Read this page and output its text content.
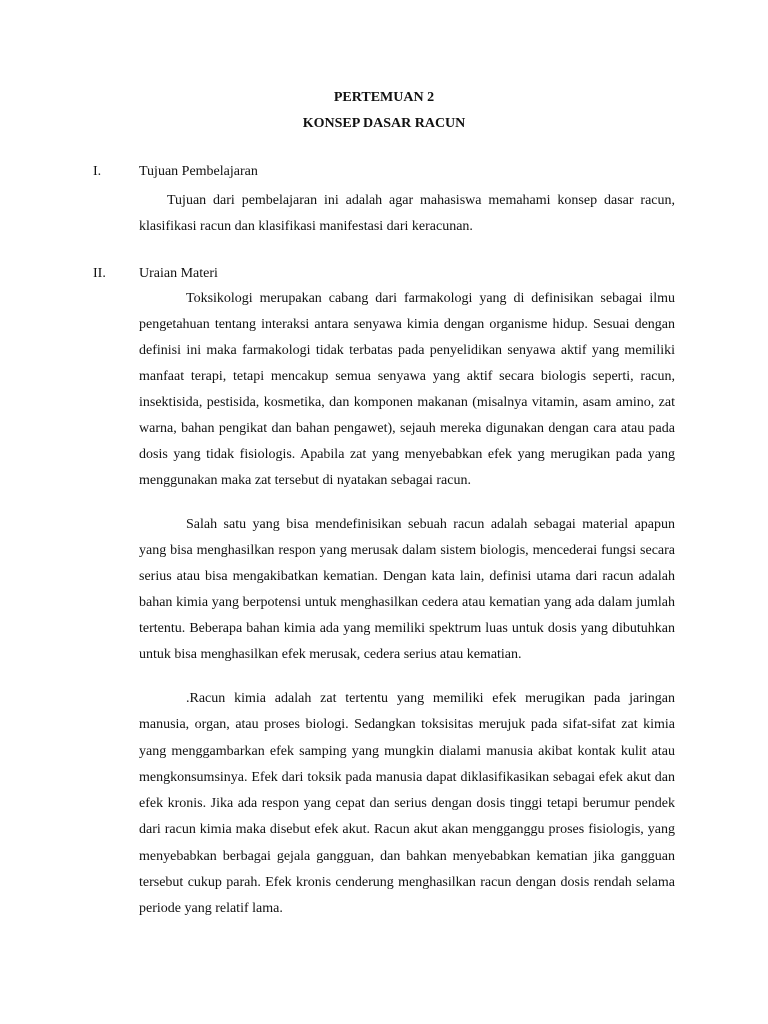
PERTEMUAN 2
KONSEP DASAR RACUN
I.	Tujuan Pembelajaran

Tujuan dari pembelajaran ini adalah agar mahasiswa memahami konsep dasar racun, klasifikasi racun dan klasifikasi manifestasi dari keracunan.

II. Uraian Materi

Toksikologi merupakan cabang dari farmakologi yang di definisikan sebagai ilmu pengetahuan tentang interaksi antara senyawa kimia dengan organisme hidup. Sesuai dengan definisi ini maka farmakologi tidak terbatas pada penyelidikan senyawa aktif yang memiliki manfaat terapi, tetapi mencakup semua senyawa yang aktif secara biologis seperti, racun, insektisida, pestisida, kosmetika, dan komponen makanan (misalnya vitamin, asam amino, zat warna, bahan pengikat dan bahan pengawet), sejauh mereka digunakan dengan cara atau pada dosis yang tidak fisiologis. Apabila zat yang menyebabkan efek yang merugikan pada yang menggunakan maka zat tersebut di nyatakan sebagai racun.

Salah satu yang bisa mendefinisikan sebuah racun adalah sebagai material apapun yang bisa menghasilkan respon yang merusak dalam sistem biologis, mencederai fungsi secara serius atau bisa mengakibatkan kematian. Dengan kata lain, definisi utama dari racun adalah bahan kimia yang berpotensi untuk menghasilkan cedera atau kematian yang ada dalam jumlah tertentu. Beberapa bahan kimia ada yang memiliki spektrum luas untuk dosis yang dibutuhkan untuk bisa menghasilkan efek merusak, cedera serius atau kematian.

.Racun kimia adalah zat tertentu yang memiliki efek merugikan pada jaringan manusia, organ, atau proses biologi. Sedangkan toksisitas merujuk pada sifat-sifat zat kimia yang menggambarkan efek samping yang mungkin dialami manusia akibat kontak kulit atau mengkonsumsinya. Efek dari toksik pada manusia dapat diklasifikasikan sebagai efek akut dan efek kronis. Jika ada respon yang cepat dan serius dengan dosis tinggi tetapi berumur pendek dari racun kimia maka disebut efek akut. Racun akut akan mengganggu proses fisiologis, yang menyebabkan berbagai gejala gangguan, dan bahkan menyebabkan kematian jika gangguan tersebut cukup parah. Efek kronis cenderung menghasilkan racun dengan dosis rendah selama periode yang relatif lama.
